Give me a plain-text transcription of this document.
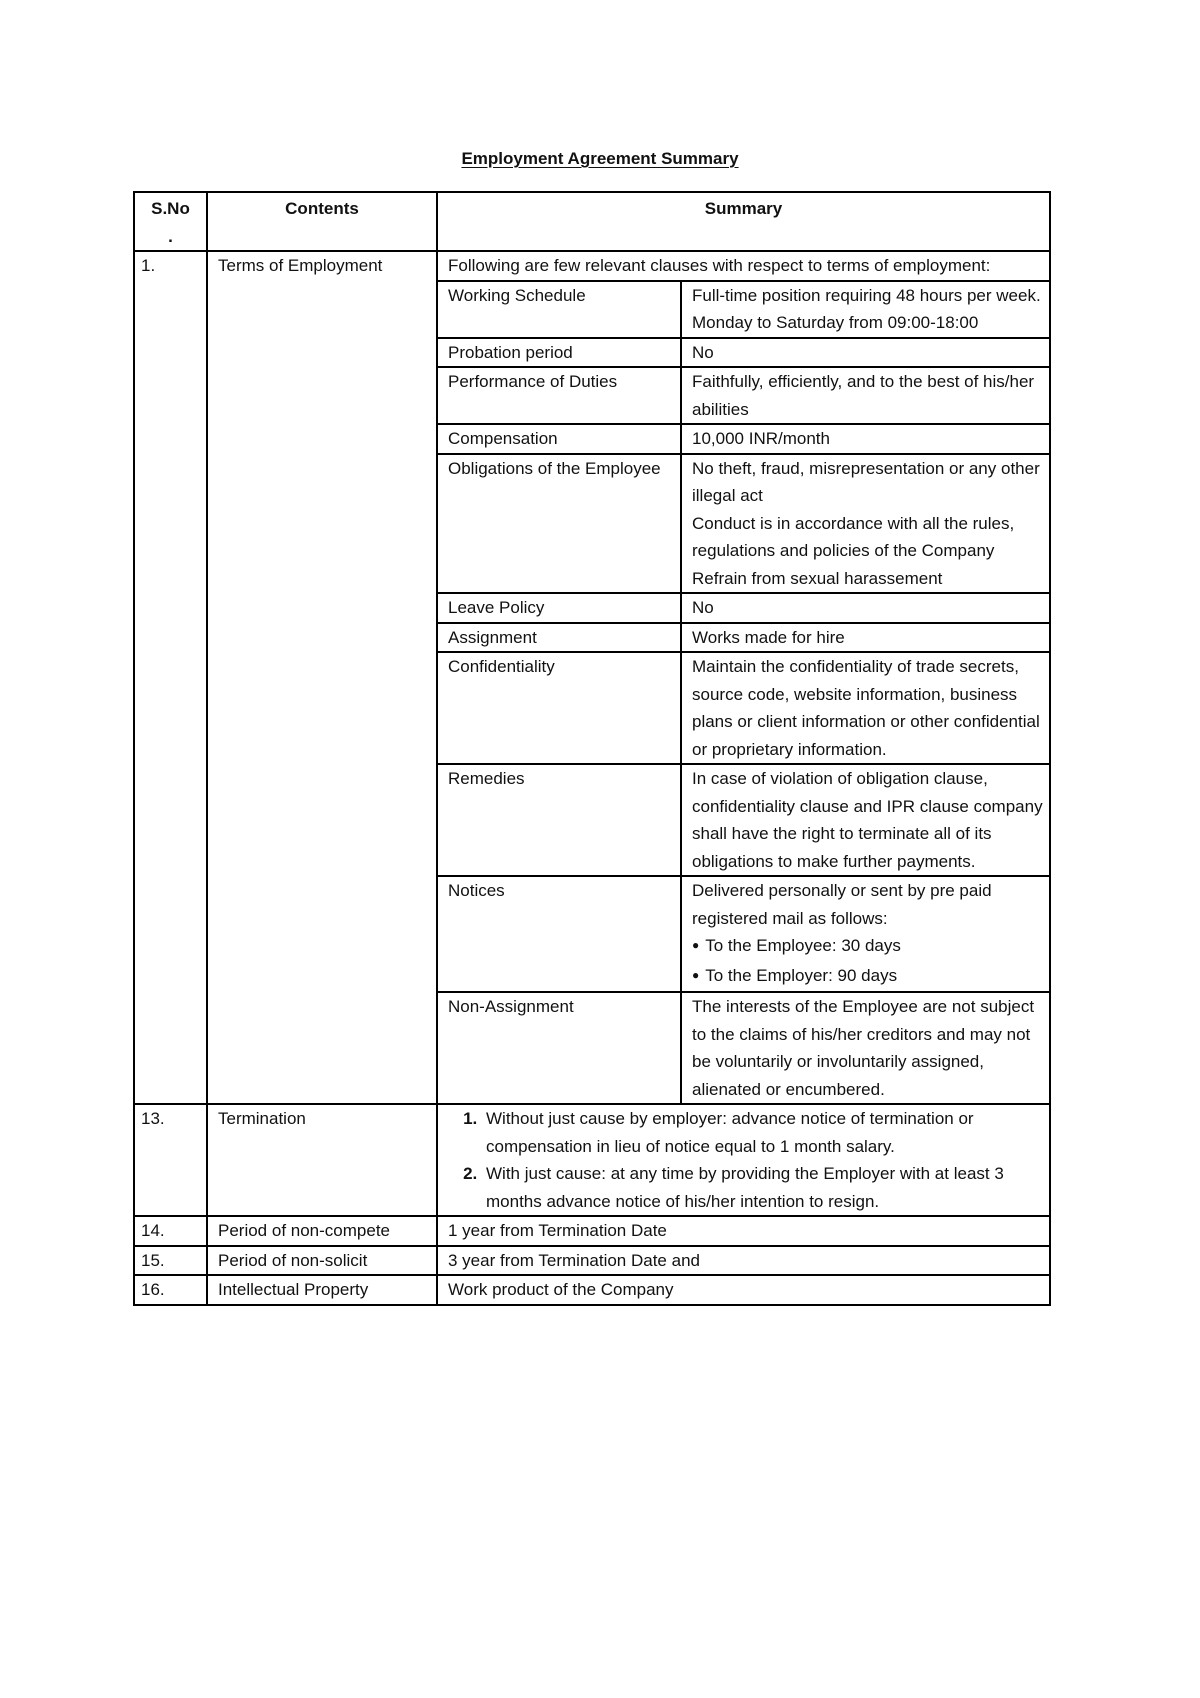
Employment Agreement Summary
S.No
.	Contents	Summary
1.	Terms of Employment	Following are few relevant clauses with respect to terms of employment:
Working Schedule	Full-time position requiring 48 hours per week.
Monday to Saturday from 09:00-18:00

Probation period	No

Performance of Duties	Faithfully, efficiently, and to the best of his/her abilities

Compensation	10,000 INR/month

Obligations of the Employee	No theft, fraud, misrepresentation or any other illegal act
Conduct is in accordance with all the rules, regulations and policies of the Company
Refrain from sexual harassement

Leave Policy	No

Assignment	Works made for hire

Confidentiality	Maintain the confidentiality of trade secrets, source code, website information, business plans or client information or other confidential or proprietary information.

Remedies	In case of violation of obligation clause, confidentiality clause and IPR clause company shall have the right to terminate all of its obligations to make further payments.

Notices	Delivered personally or sent by pre paid registered mail as follows:
● To the Employee: 30 days
● To the Employer: 90 days

Non-Assignment	The interests of the Employee are not subject to the claims of his/her creditors and may not be voluntarily or involuntarily assigned, alienated or encumbered.

13.	Termination	
1.Without just cause by employer: advance notice of termination or compensation in lieu of notice equal to 1 month salary.
2. With just cause: at any time by providing the Employer with at least 3 months advance notice of his/her intention to resign.

14.	Period of non-compete	1 year from Termination Date
15.	Period of non-solicit	3 year from Termination Date and
16.	Intellectual Property	Work product of the Company
